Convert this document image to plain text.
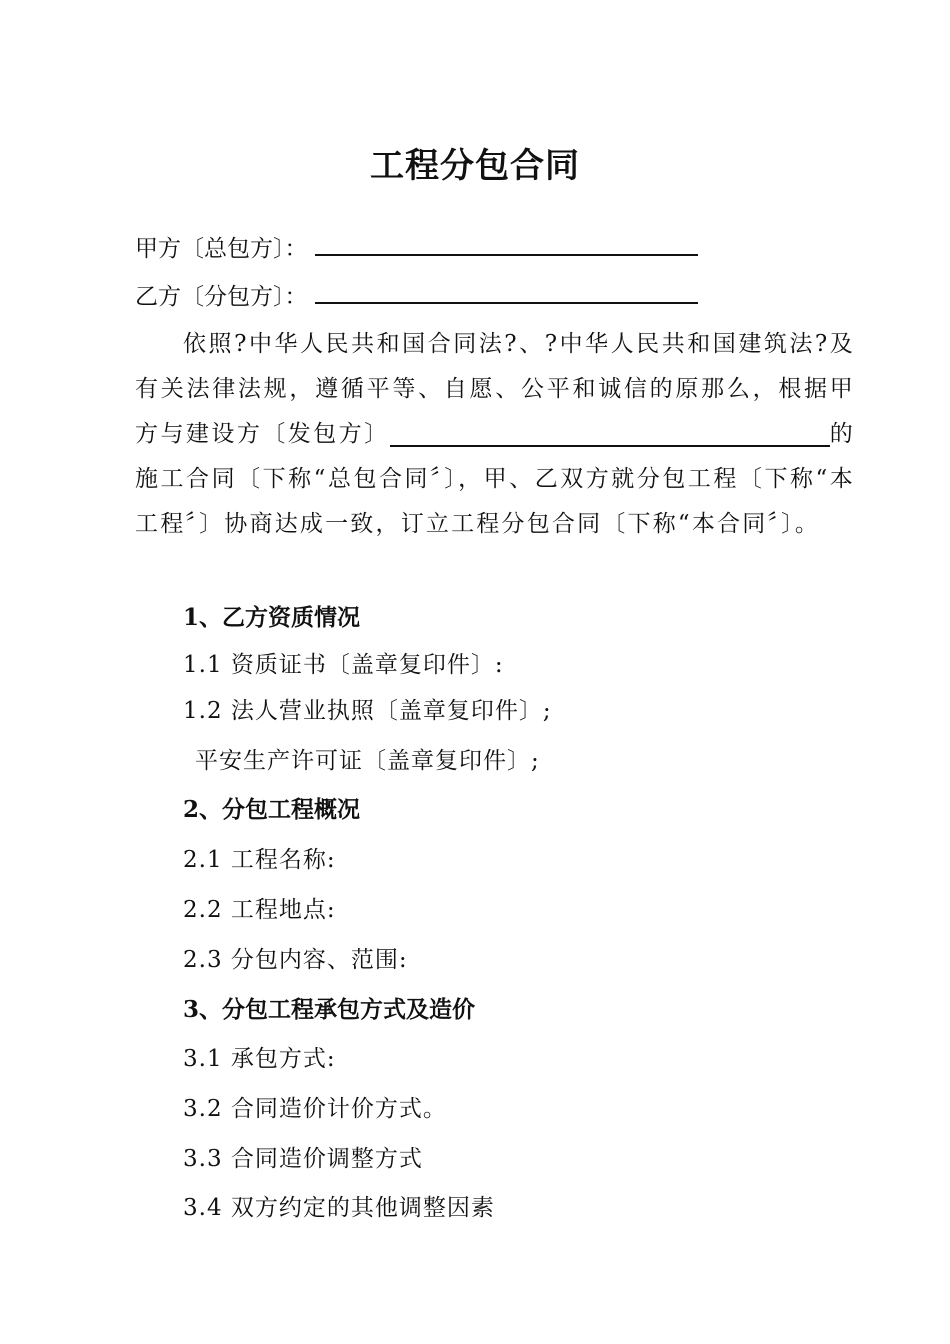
工程分包合同
甲方〔总包方〕：
乙方〔分包方〕：
依照?中华人民共和国合同法?、?中华人民共和国建筑法?及有关法律法规，遵循平等、自愿、公平和诚信的原那么，根据甲方与建设方〔发包方〕	的施工合同〔下称“总包合同〞〕，甲、乙双方就分包工程〔下称“本工程〞〕协商达成一致，订立工程分包合同〔下称“本合同〞〕。
1、乙方资质情况
1.1 资质证书〔盖章复印件〕:
1.2 法人营业执照〔盖章复印件〕;
平安生产许可证〔盖章复印件〕;
2、分包工程概况
2.1 工程名称:
2.2 工程地点:
2.3 分包内容、范围:
3、分包工程承包方式及造价
3.1 承包方式:
3.2 合同造价计价方式。
3.3 合同造价调整方式
3.4 双方约定的其他调整因素
